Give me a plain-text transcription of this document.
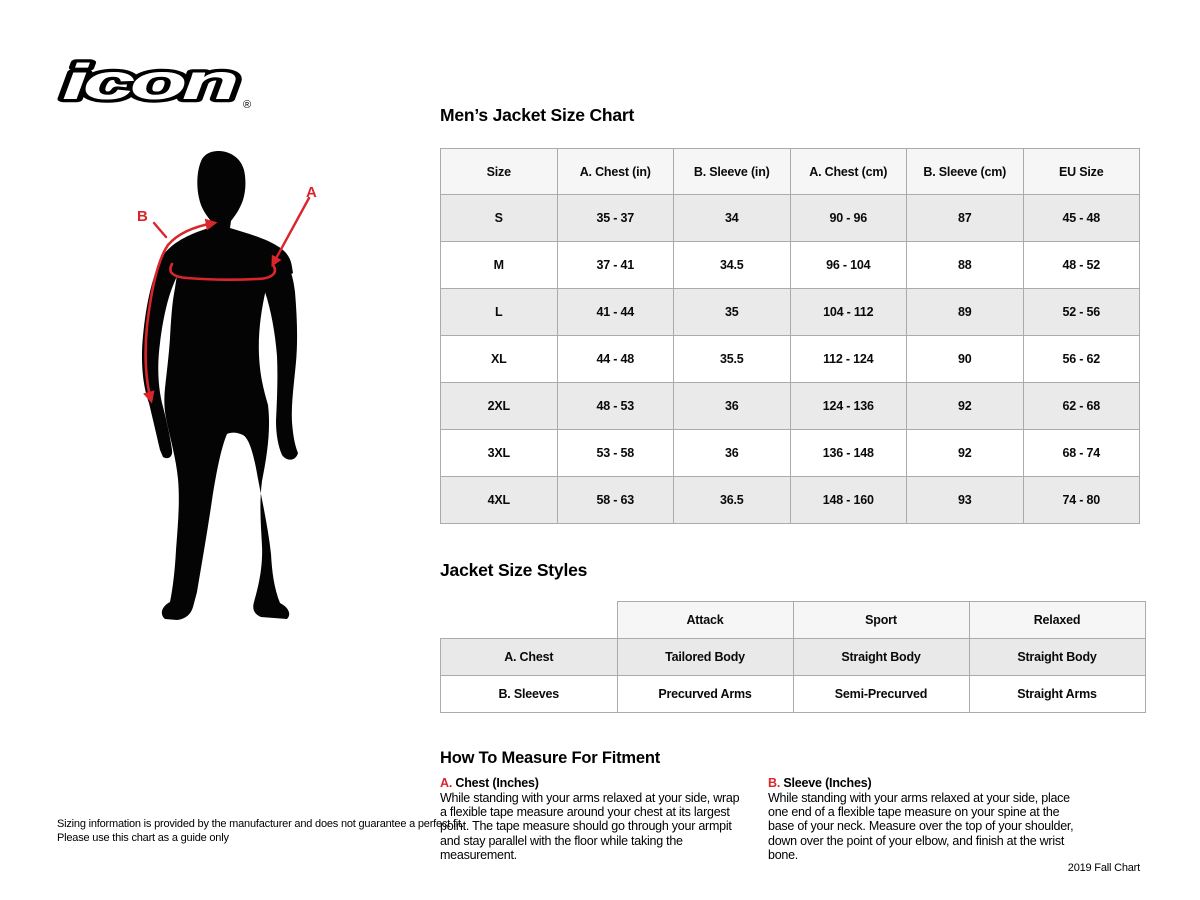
icon ®
A
B
Men’s Jacket Size Chart
Size	A. Chest (in)	B. Sleeve (in)	A. Chest (cm)	B. Sleeve (cm)	EU Size
S	35 - 37	34	90 - 96	87	45 - 48
M	37 - 41	34.5	96 - 104	88	48 - 52
L	41 - 44	35	104 - 112	89	52 - 56
XL	44 - 48	35.5	112 - 124	90	56 - 62
2XL	48 - 53	36	124 - 136	92	62 - 68
3XL	53 - 58	36	136 - 148	92	68 - 74
4XL	58 - 63	36.5	148 - 160	93	74 - 80
Jacket Size Styles
	Attack	Sport	Relaxed
A. Chest	Tailored Body	Straight Body	Straight Body
B. Sleeves	Precurved Arms	Semi-Precurved	Straight Arms
How To Measure For Fitment
A. Chest (Inches)
While standing with your arms relaxed at your side, wrap a flexible tape measure around your chest at its largest point. The tape measure should go through your armpit and stay parallel with the floor while taking the measurement.
B. Sleeve (Inches)
While standing with your arms relaxed at your side, place one end of a flexible tape measure on your spine at the base of your neck. Measure over the top of your shoulder, down over the point of your elbow, and finish at the wrist bone.
Sizing information is provided by the manufacturer and does not guarantee a perfect fit.
Please use this chart as a guide only
2019 Fall Chart
